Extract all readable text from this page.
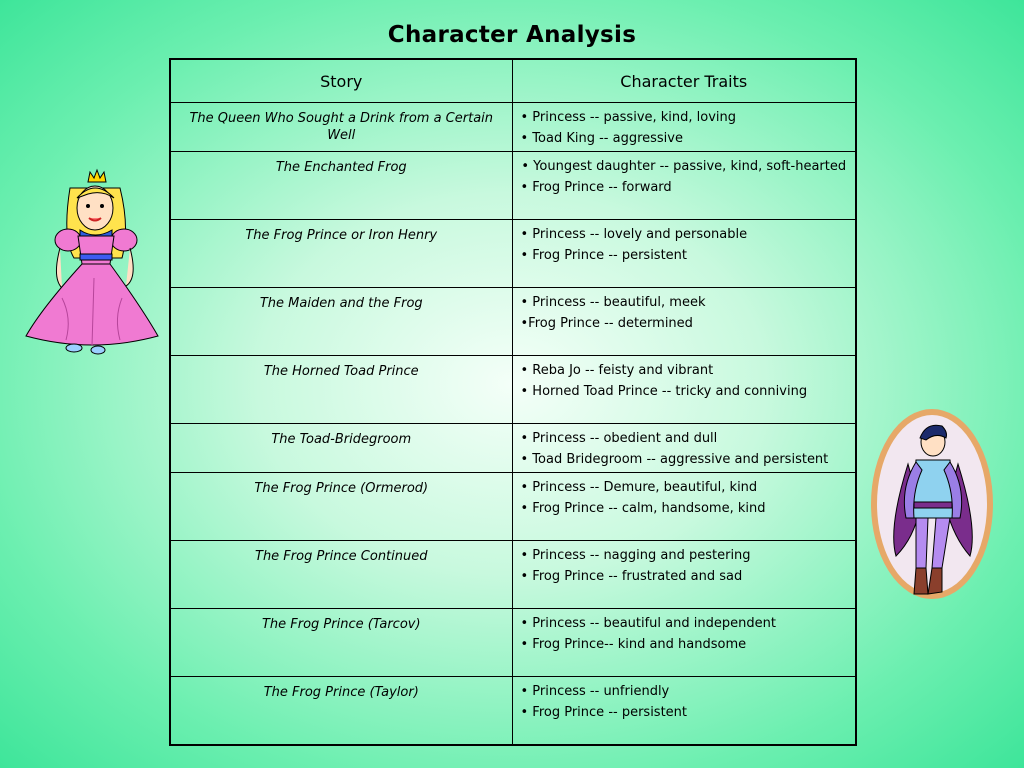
Character Analysis
Story	Character Traits
The Queen Who Sought a Drink from a Certain Well	• Princess -- passive, kind, loving
• Toad King -- aggressive

The Enchanted Frog	• Youngest daughter -- passive, kind, soft-hearted
• Frog Prince -- forward

The Frog Prince or Iron Henry	• Princess -- lovely and personable
• Frog Prince -- persistent

The Maiden and the Frog	• Princess -- beautiful, meek
•Frog Prince -- determined

The Horned Toad Prince	• Reba Jo -- feisty and vibrant
• Horned Toad Prince -- tricky and conniving

The Toad-Bridegroom	• Princess -- obedient and dull
• Toad Bridegroom -- aggressive and persistent

The Frog Prince (Ormerod)	• Princess -- Demure, beautiful, kind
• Frog Prince -- calm, handsome, kind

The Frog Prince Continued	• Princess -- nagging and pestering
• Frog Prince -- frustrated and sad

The Frog Prince (Tarcov)	• Princess -- beautiful and independent
• Frog Prince-- kind and handsome

The Frog Prince (Taylor)	• Princess -- unfriendly
• Frog Prince -- persistent
